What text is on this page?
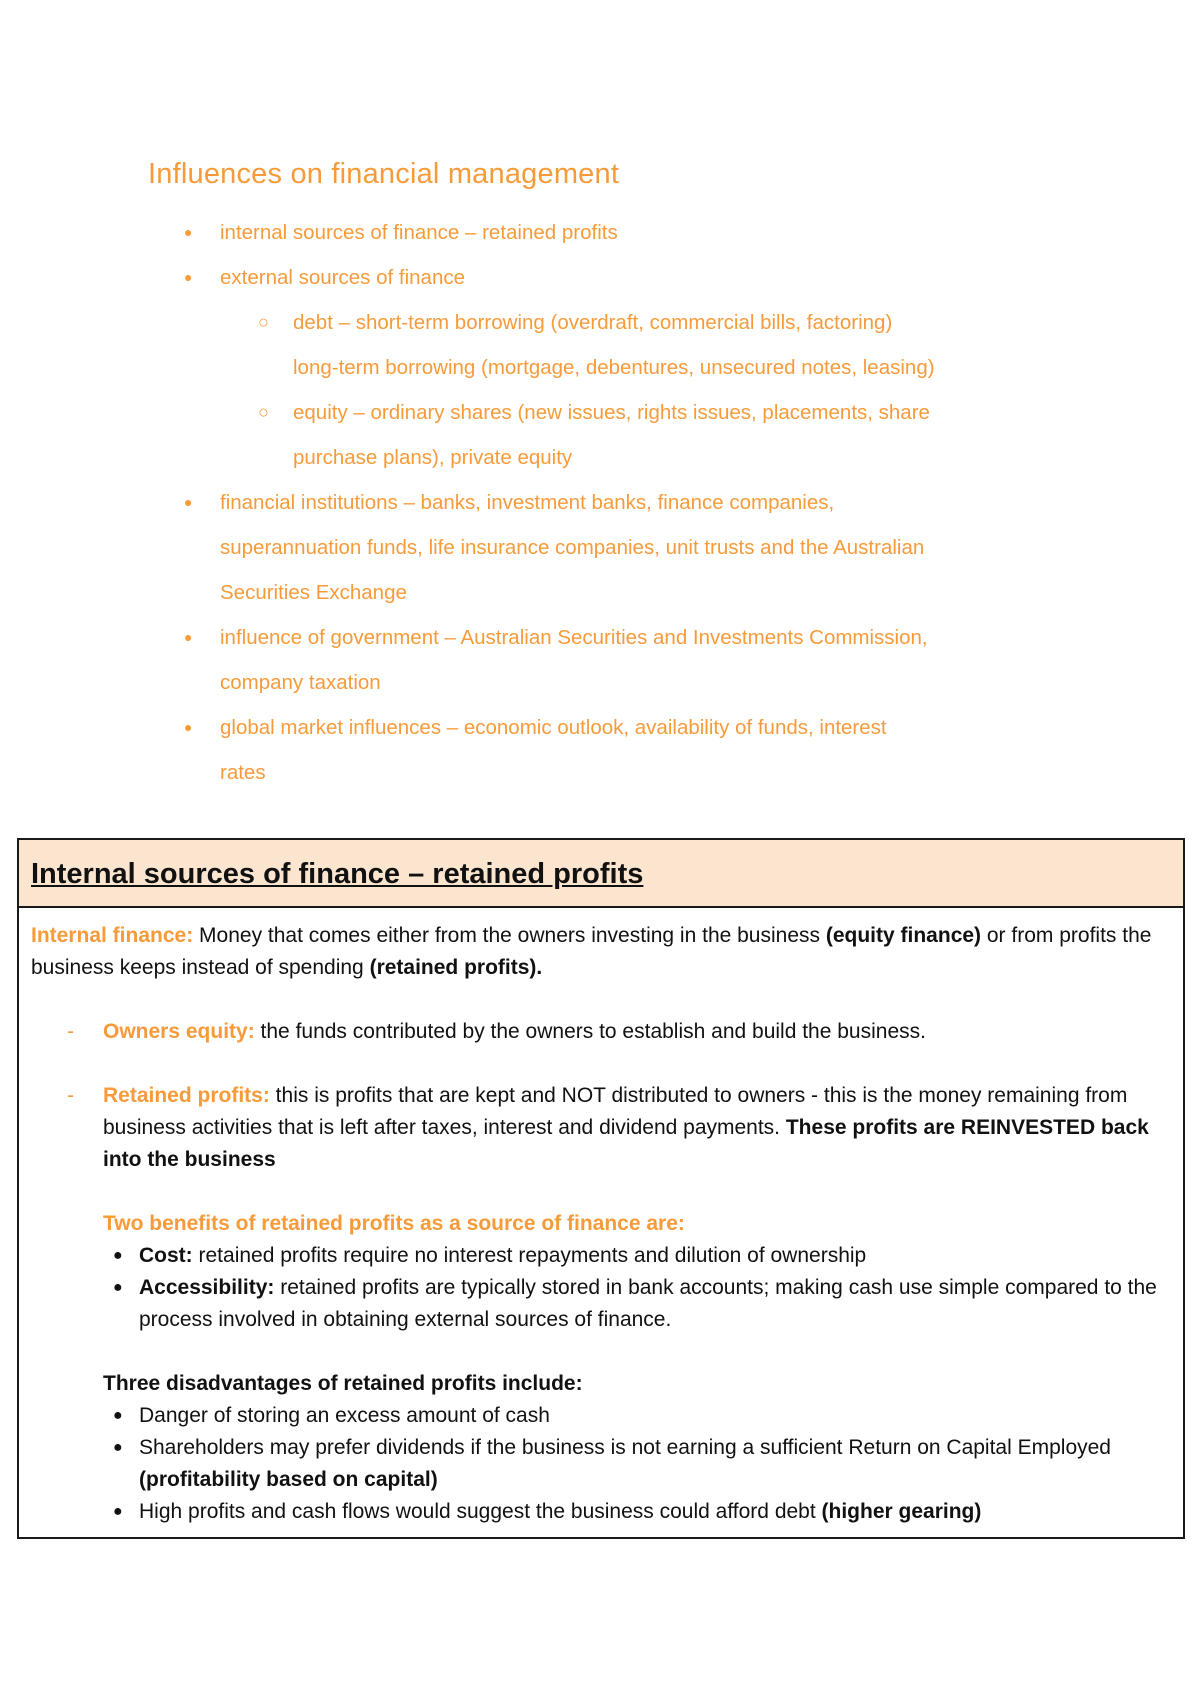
Influences on financial management
● internal sources of finance – retained profits
● external sources of finance
○ debt – short-term borrowing (overdraft, commercial bills, factoring)
long-term borrowing (mortgage, debentures, unsecured notes, leasing)
○ equity – ordinary shares (new issues, rights issues, placements, share
purchase plans), private equity
● financial institutions – banks, investment banks, finance companies,
superannuation funds, life insurance companies, unit trusts and the Australian
Securities Exchange
● influence of government – Australian Securities and Investments Commission,
company taxation
● global market influences – economic outlook, availability of funds, interest
rates
Internal sources of finance – retained profits

Internal finance: Money that comes either from the owners investing in the business (equity finance) or from profits the business keeps instead of spending (retained profits).

- Owners equity: the funds contributed by the owners to establish and build the business.

- Retained profits: this is profits that are kept and NOT distributed to owners - this is the money remaining from business activities that is left after taxes, interest and dividend payments. These profits are REINVESTED back into the business

Two benefits of retained profits as a source of finance are:

● Cost: retained profits require no interest repayments and dilution of ownership
● Accessibility: retained profits are typically stored in bank accounts; making cash use simple compared to the process involved in obtaining external sources of finance.

Three disadvantages of retained profits include:

● Danger of storing an excess amount of cash
● Shareholders may prefer dividends if the business is not earning a sufficient Return on Capital Employed (profitability based on capital)
● High profits and cash flows would suggest the business could afford debt (higher gearing)
